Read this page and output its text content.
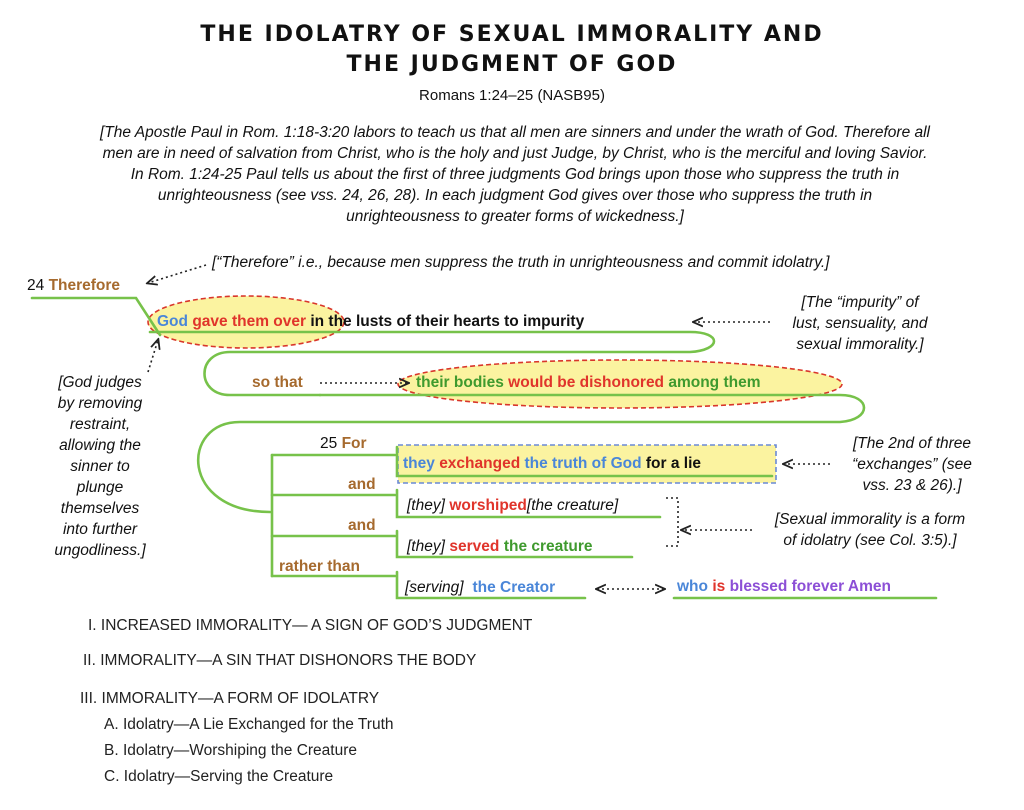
THE IDOLATRY OF SEXUAL IMMORALITY AND
THE JUDGMENT OF GOD
Romans 1:24–25 (NASB95)
[The Apostle Paul in Rom. 1:18-3:20 labors to teach us that all men are sinners and under the wrath of God. Therefore all men are in need of salvation from Christ, who is the holy and just Judge, by Christ, who is the merciful and loving Savior. In Rom. 1:24-25 Paul tells us about the first of three judgments God brings upon those who suppress the truth in unrighteousness (see vss. 24, 26, 28). In each judgment God gives over those who suppress the truth in unrighteousness to greater forms of wickedness.]
[“Therefore” i.e., because men suppress the truth in unrighteousness and commit idolatry.]
[The “impurity” of
lust, sensuality, and
sexual immorality.]
[God judges
by removing
restraint,
allowing the
sinner to
plunge
themselves
into further
ungodliness.]
[The 2nd of three
“exchanges” (see
vss. 23 & 26).]
[Sexual immorality is a form
of idolatry (see Col. 3:5).]
24 Therefore
God gave them over in the lusts of their hearts to impurity
so that	their bodies would be dishonored among them
25 For
and
and
rather than
they exchanged the truth of God for a lie
[they] worshiped[the creature]
[they] served the creature
[serving] the Creator	who is blessed forever Amen
I. INCREASED IMMORALITY— A SIGN OF GOD’S JUDGMENT
II. IMMORALITY—A SIN THAT DISHONORS THE BODY
III. IMMORALITY—A FORM OF IDOLATRY
A. Idolatry—A Lie Exchanged for the Truth
B. Idolatry—Worshiping the Creature
C. Idolatry—Serving the Creature
